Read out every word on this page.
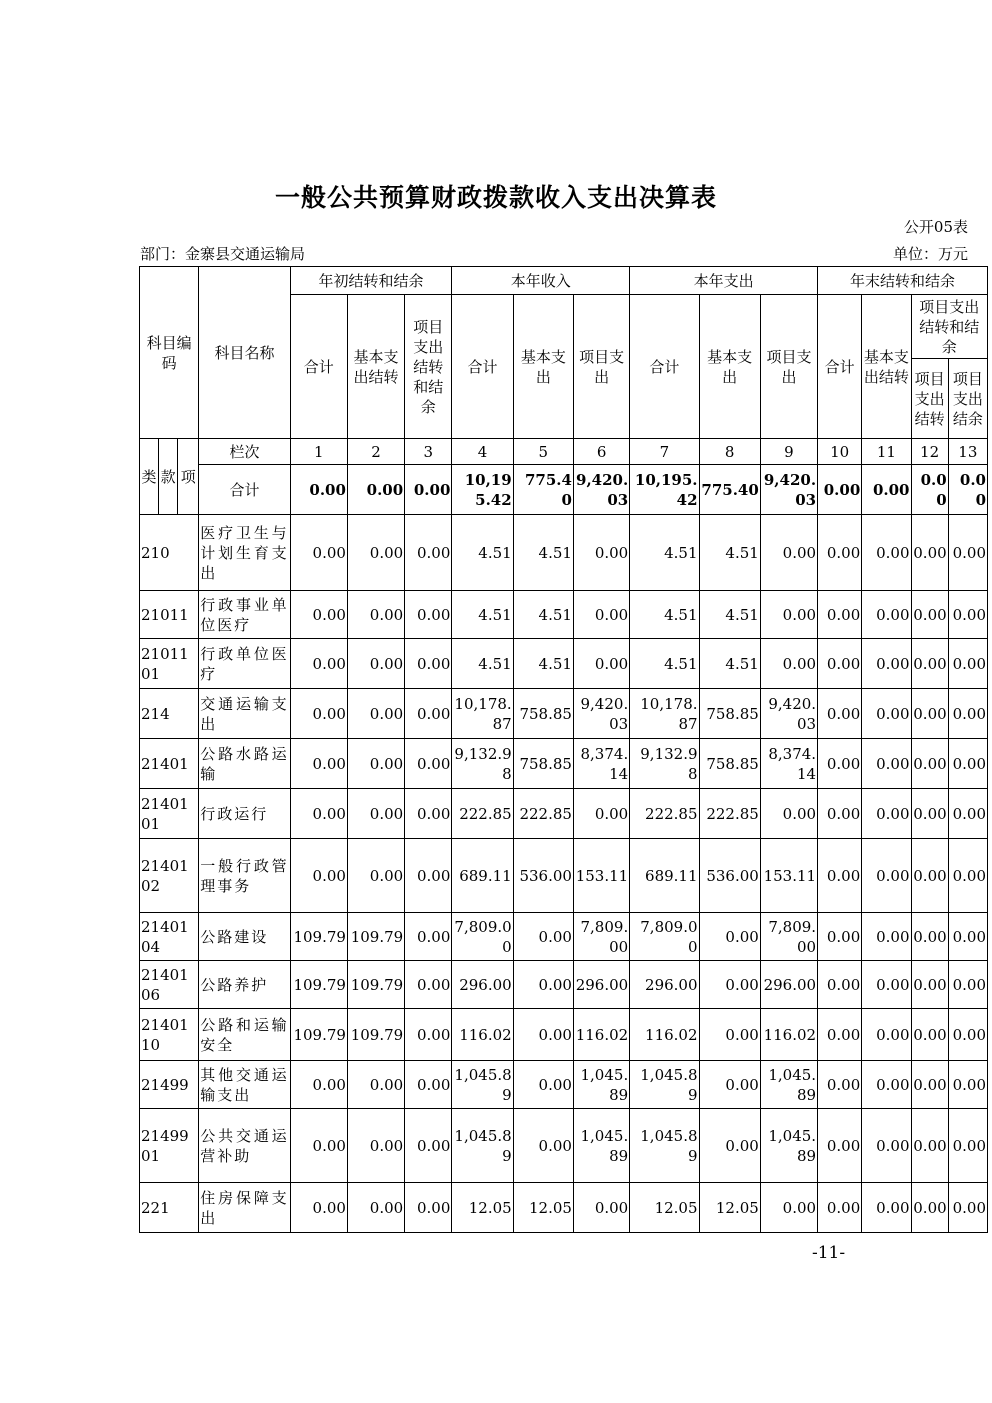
一般公共预算财政拨款收入支出决算表
公开05表
部门：金寨县交通运输局	单位：万元
科目编码			科目名称	年初结转和结余			本年收入			本年支出			年末结转和结余			
				合计	基本支出结转	项目支出结转和结余	合计	基本支出	项目支出	合计	基本支出	项目支出	合计	基本支出结转	项目支出结转和结余	
															项目支出结转	项目支出结余
类	款	项	栏次	1	2	3	4	5	6	7	8	9	10	11	12	13
			合计	0.00	0.00	0.00	10,195.42	775.40	9,420.03	10,195.42	775.40	9,420.03	0.00	0.00	0.00	0.00
210			医疗卫生与计划生育支出	0.00	0.00	0.00	4.51	4.51	0.00	4.51	4.51	0.00	0.00	0.00	0.00	0.00
21011			行政事业单位医疗	0.00	0.00	0.00	4.51	4.51	0.00	4.51	4.51	0.00	0.00	0.00	0.00	0.00
2101101			行政单位医疗	0.00	0.00	0.00	4.51	4.51	0.00	4.51	4.51	0.00	0.00	0.00	0.00	0.00
214			交通运输支出	0.00	0.00	0.00	10,178.87	758.85	9,420.03	10,178.87	758.85	9,420.03	0.00	0.00	0.00	0.00
21401			公路水路运输	0.00	0.00	0.00	9,132.98	758.85	8,374.14	9,132.98	758.85	8,374.14	0.00	0.00	0.00	0.00
2140101			行政运行	0.00	0.00	0.00	222.85	222.85	0.00	222.85	222.85	0.00	0.00	0.00	0.00	0.00
2140102			一般行政管理事务	0.00	0.00	0.00	689.11	536.00	153.11	689.11	536.00	153.11	0.00	0.00	0.00	0.00
2140104			公路建设	109.79	109.79	0.00	7,809.00	0.00	7,809.00	7,809.00	0.00	7,809.00	0.00	0.00	0.00	0.00
2140106			公路养护	109.79	109.79	0.00	296.00	0.00	296.00	296.00	0.00	296.00	0.00	0.00	0.00	0.00
2140110			公路和运输安全	109.79	109.79	0.00	116.02	0.00	116.02	116.02	0.00	116.02	0.00	0.00	0.00	0.00
21499			其他交通运输支出	0.00	0.00	0.00	1,045.89	0.00	1,045.89	1,045.89	0.00	1,045.89	0.00	0.00	0.00	0.00
2149901			公共交通运营补助	0.00	0.00	0.00	1,045.89	0.00	1,045.89	1,045.89	0.00	1,045.89	0.00	0.00	0.00	0.00
221			住房保障支出	0.00	0.00	0.00	12.05	12.05	0.00	12.05	12.05	0.00	0.00	0.00	0.00	0.00
-11-
